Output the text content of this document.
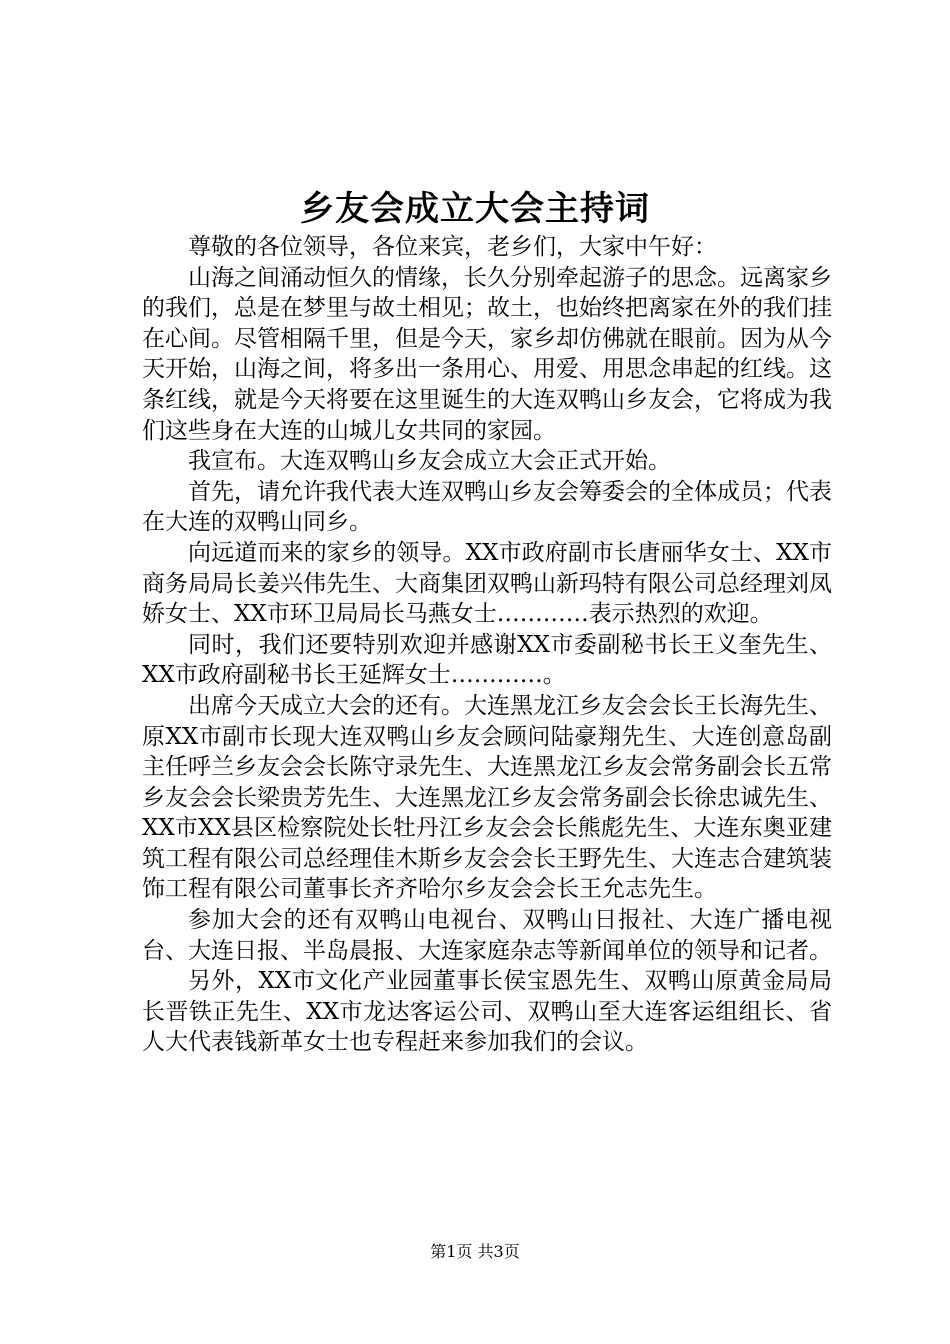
乡友会成立大会主持词

尊敬的各位领导，各位来宾，老乡们，大家中午好：

山海之间涌动恒久的情缘，长久分别牵起游子的思念。远离家乡的我们，总是在梦里与故土相见；故土，也始终把离家在外的我们挂在心间。尽管相隔千里，但是今天，家乡却仿佛就在眼前。因为从今天开始，山海之间，将多出一条用心、用爱、用思念串起的红线。这条红线，就是今天将要在这里诞生的大连双鸭山乡友会，它将成为我们这些身在大连的山城儿女共同的家园。

我宣布。大连双鸭山乡友会成立大会正式开始。

首先，请允许我代表大连双鸭山乡友会筹委会的全体成员；代表在大连的双鸭山同乡。

向远道而来的家乡的领导。XX市政府副市长唐丽华女士、XX市商务局局长姜兴伟先生、大商集团双鸭山新玛特有限公司总经理刘凤娇女士、XX市环卫局局长马燕女士…………表示热烈的欢迎。

同时，我们还要特别欢迎并感谢XX市委副秘书长王义奎先生、XX市政府副秘书长王延辉女士…………。

出席今天成立大会的还有。大连黑龙江乡友会会长王长海先生、原XX市副市长现大连双鸭山乡友会顾问陆豪翔先生、大连创意岛副主任呼兰乡友会会长陈守录先生、大连黑龙江乡友会常务副会长五常乡友会会长梁贵芳先生、大连黑龙江乡友会常务副会长徐忠诚先生、XX市XX县区检察院处长牡丹江乡友会会长熊彪先生、大连东奥亚建筑工程有限公司总经理佳木斯乡友会会长王野先生、大连志合建筑装饰工程有限公司董事长齐齐哈尔乡友会会长王允志先生。

参加大会的还有双鸭山电视台、双鸭山日报社、大连广播电视台、大连日报、半岛晨报、大连家庭杂志等新闻单位的领导和记者。

另外，XX市文化产业园董事长侯宝恩先生、双鸭山原黄金局局长晋铁正先生、XX市龙达客运公司、双鸭山至大连客运组组长、省人大代表钱新革女士也专程赶来参加我们的会议。

第1页 共3页
